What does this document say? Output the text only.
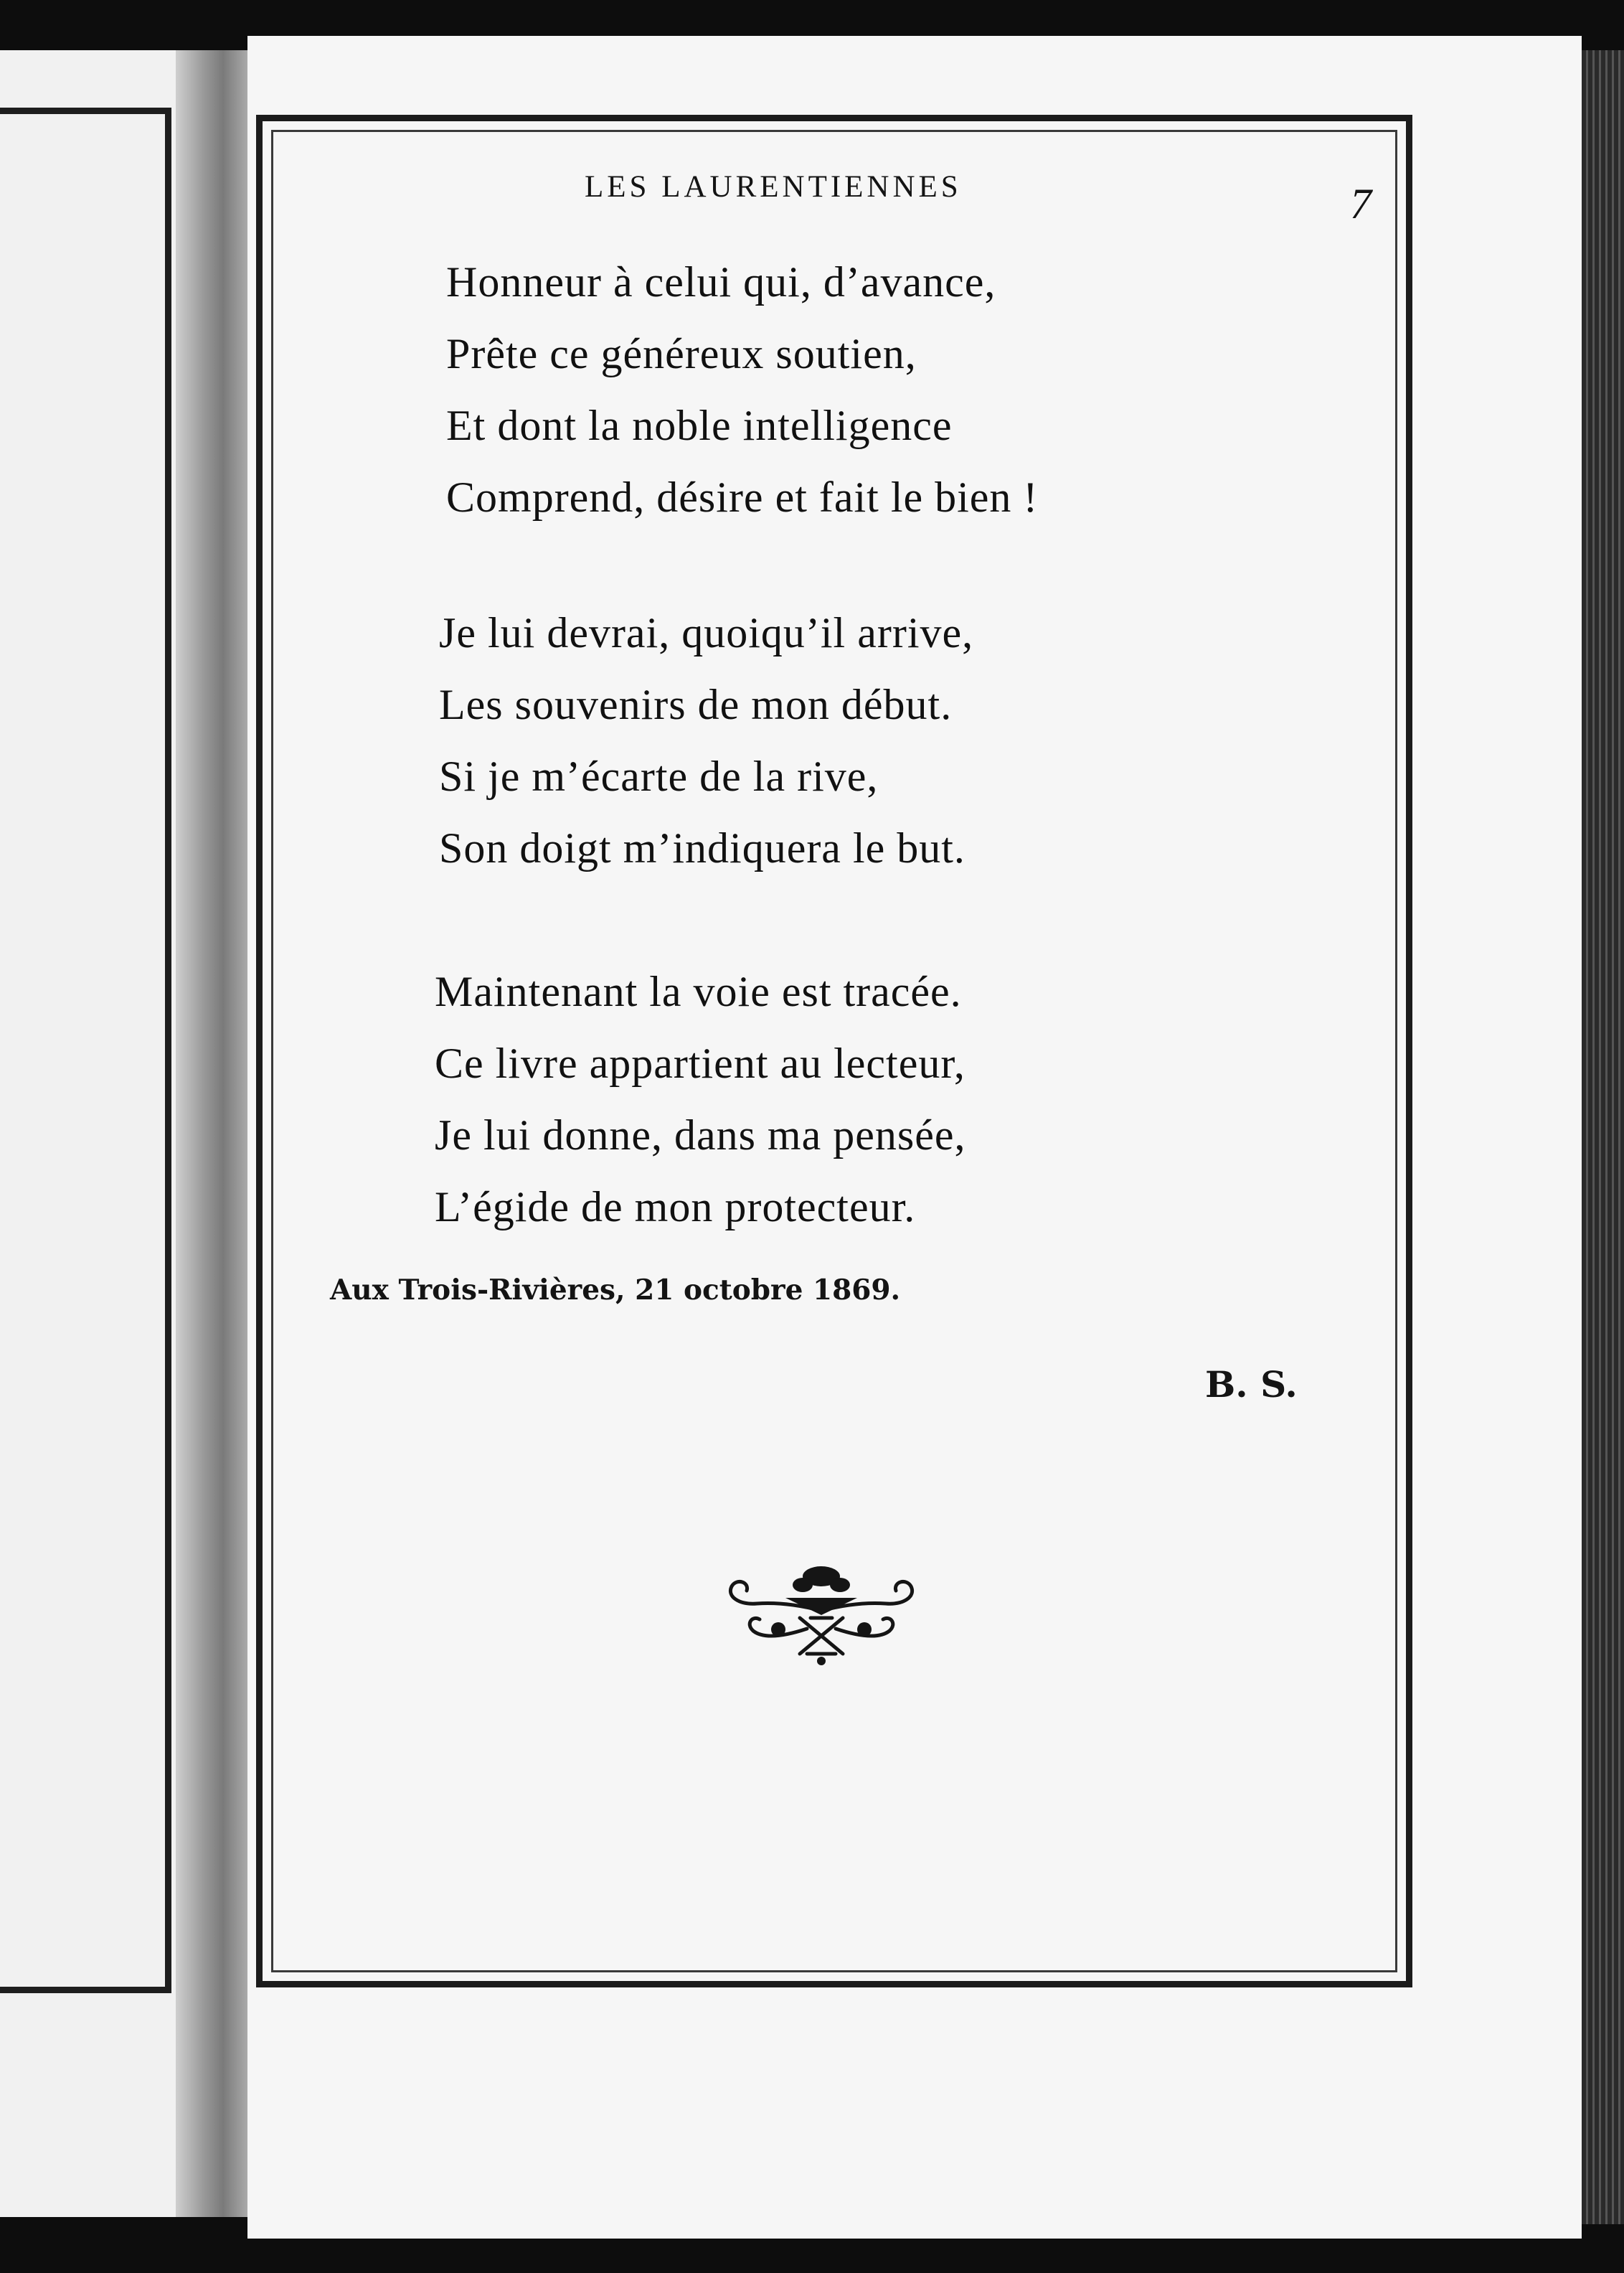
LES LAURENTIENNES	7
Honneur à celui qui, d’avance,
Prête ce généreux soutien,
Et dont la noble intelligence
Comprend, désire et fait le bien !
Je lui devrai, quoiqu’il arrive,
Les souvenirs de mon début.
Si je m’écarte de la rive,
Son doigt m’indiquera le but.
Maintenant la voie est tracée.
Ce livre appartient au lecteur,
Je lui donne, dans ma pensée,
L’égide de mon protecteur.
Aux Trois-Rivières, 21 octobre 1869.
B. S.
